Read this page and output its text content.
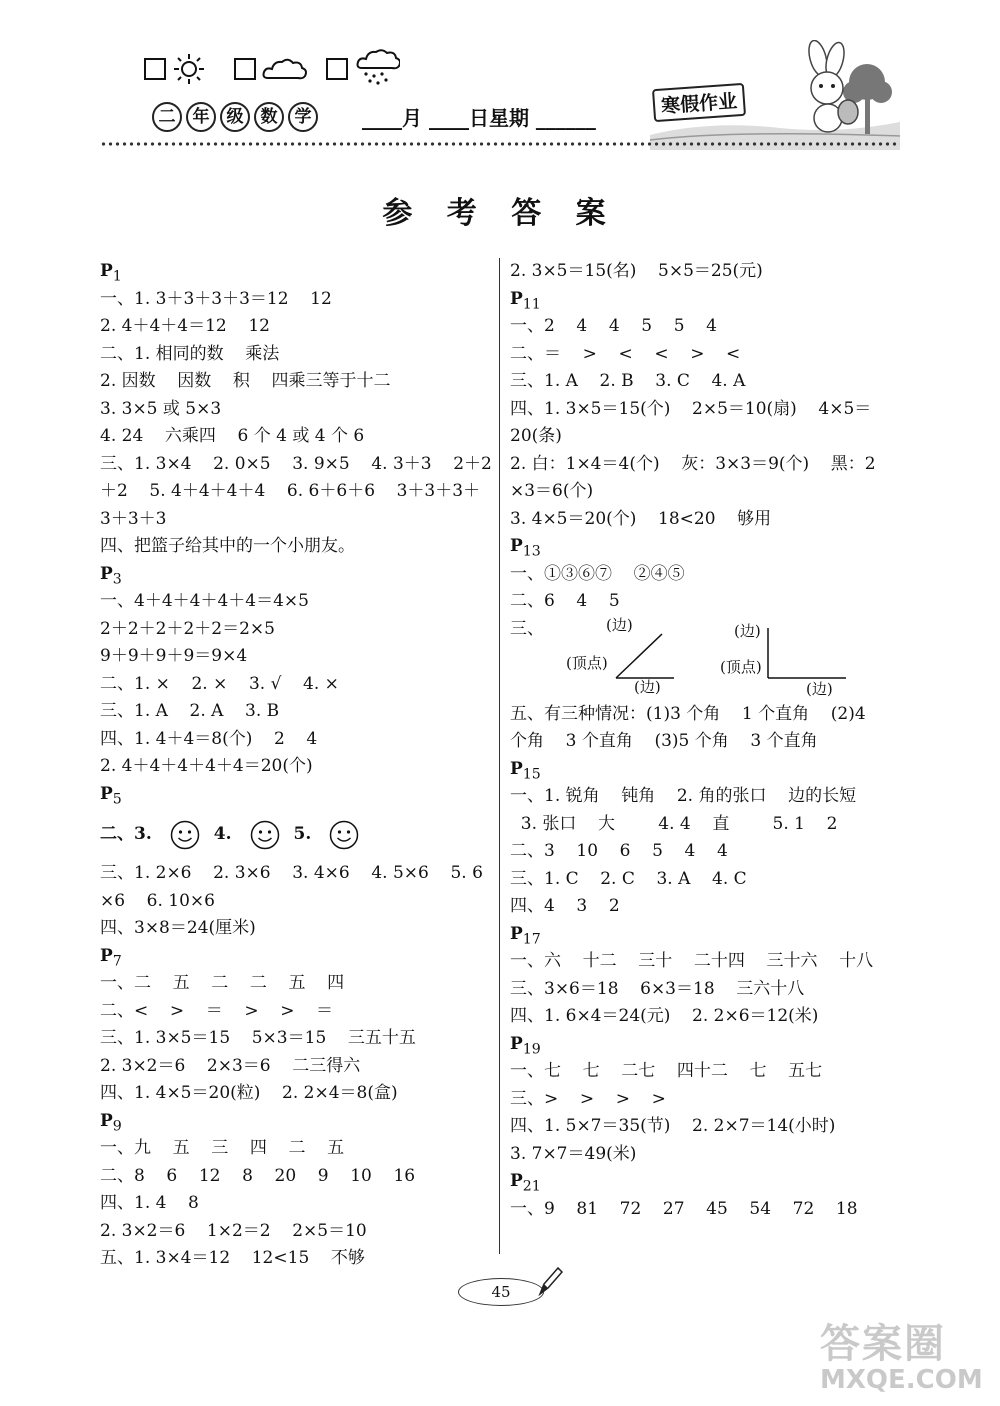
二	年	级	数	学	____月 ____日星期 ______
寒假作业
参 考 答 案
$P_1$
一、1. 3＋3＋3＋3＝12    12
2. 4＋4＋4＝12    12
二、1. 相同的数    乘法
2. 因数    因数    积    四乘三等于十二
3. 3×5 或 5×3
4. 24    六乘四    6 个 4 或 4 个 6
三、1. 3×4    2. 0×5    3. 9×5    4. 3＋3    2＋2
＋2    5. 4＋4＋4＋4    6. 6＋6＋6    3＋3＋3＋
3＋3＋3
四、把篮子给其中的一个小朋友。
$P_3$
一、4＋4＋4＋4＋4＝4×5
2＋2＋2＋2＋2＝2×5
9＋9＋9＋9＝9×4
二、1. ×    2. ×    3. √    4. ×
三、1. A    2. A    3. B
四、1. 4＋4＝8(个)    2    4
2. 4＋4＋4＋4＋4＝20(个)
$P_5$
二、3.	4.	5.
三、1. 2×6    2. 3×6    3. 4×6    4. 5×6    5. 6
×6    6. 10×6
四、3×8＝24(厘米)
$P_7$
一、二    五    二    二    五    四
二、<    >    ＝    >    >    ＝
三、1. 3×5＝15    5×3＝15    三五十五
2. 3×2＝6    2×3＝6    二三得六
四、1. 4×5＝20(粒)    2. 2×4＝8(盒)
$P_9$
一、九    五    三    四    二    五
二、8    6    12    8    20    9    10    16
四、1. 4    8
2. 3×2＝6    1×2＝2    2×5＝10
五、1. 3×4＝12    12<15    不够
2. 3×5＝15(名)    5×5＝25(元)
$P_{11}$
一、2    4    4    5    5    4
二、＝    >    <    <    >    <
三、1. A    2. B    3. C    4. A
四、1. 3×5＝15(个)    2×5＝10(扇)    4×5＝
20(条)
2. 白：1×4＝4(个)    灰：3×3＝9(个)    黑：2
×3＝6(个)
3. 4×5＝20(个)    18<20    够用
$P_{13}$
一、①③⑥⑦    ②④⑤
二、6    4    5
三、	(边)
(顶点)
(边)
(边)
(顶点)
(边)
五、有三种情况：(1)3 个角    1 个直角    (2)4
个角    3 个直角    (3)5 个角    3 个直角
$P_{15}$
一、1. 锐角    钝角    2. 角的张口    边的长短
3. 张口    大        4. 4    直        5. 1    2
二、3    10    6    5    4    4
三、1. C    2. C    3. A    4. C
四、4    3    2
$P_{17}$
一、六    十二    三十    二十四    三十六    十八
三、3×6＝18    6×3＝18    三六十八
四、1. 6×4＝24(元)    2. 2×6＝12(米)
$P_{19}$
一、七    七    二七    四十二    七    五七
三、>    >    >    >
四、1. 5×7＝35(节)    2. 2×7＝14(小时)
3. 7×7＝49(米)
$P_{21}$
一、9    81    72    27    45    54    72    18
45
答案圈
MXQE.COM
